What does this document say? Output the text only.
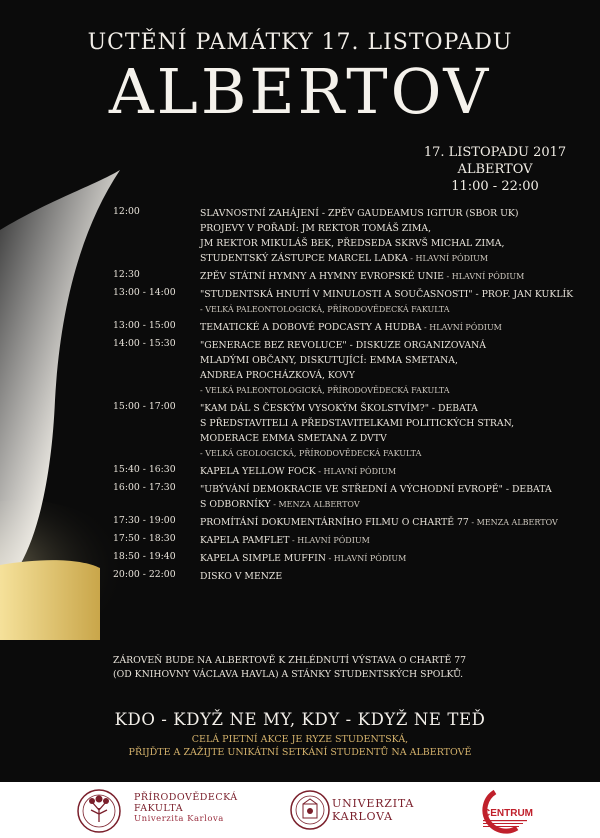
UCTĚNÍ PAMÁTKY 17. LISTOPADU
ALBERTOV
17. LISTOPADU 2017
ALBERTOV
11:00 - 22:00
12:00	SLAVNOSTNÍ ZAHÁJENÍ - ZPĚV GAUDEAMUS IGITUR (SBOR UK)
PROJEVY V POŘADÍ: JM REKTOR TOMÁŠ ZIMA,
JM REKTOR MIKULÁŠ BEK, PŘEDSEDA SKRVŠ MICHAL ZIMA,
STUDENTSKÝ ZÁSTUPCE MARCEL LADKA - HLAVNÍ PÓDIUM
12:30	ZPĚV STÁTNÍ HYMNY A HYMNY EVROPSKÉ UNIE - HLAVNÍ PÓDIUM
13:00 - 14:00	"STUDENTSKÁ HNUTÍ V MINULOSTI A SOUČASNOSTI" - PROF. JAN KUKLÍK
- VELKÁ PALEONTOLOGICKÁ, PŘÍRODOVĚDECKÁ FAKULTA
13:00 - 15:00	TEMATICKÉ A DOBOVÉ PODCASTY A HUDBA - HLAVNÍ PÓDIUM
14:00 - 15:30	"GENERACE BEZ REVOLUCE" - DISKUZE ORGANIZOVANÁ
MLADÝMI OBČANY, DISKUTUJÍCÍ: EMMA SMETANA,
ANDREA PROCHÁZKOVÁ, KOVY
- VELKÁ PALEONTOLOGICKÁ, PŘÍRODOVĚDECKÁ FAKULTA
15:00 - 17:00	"KAM DÁL S ČESKÝM VYSOKÝM ŠKOLSTVÍM?" - DEBATA
S PŘEDSTAVITELI A PŘEDSTAVITELKAMI POLITICKÝCH STRAN,
MODERACE EMMA SMETANA Z DVTV
- VELKÁ GEOLOGICKÁ, PŘÍRODOVĚDECKÁ FAKULTA
15:40 - 16:30	KAPELA YELLOW FOCK - HLAVNÍ PÓDIUM
16:00 - 17:30	"UBÝVÁNÍ DEMOKRACIE VE STŘEDNÍ A VÝCHODNÍ EVROPĚ" - DEBATA
S ODBORNÍKY - MENZA ALBERTOV
17:30 - 19:00	PROMÍTÁNÍ DOKUMENTÁRNÍHO FILMU O CHARTĚ 77 - MENZA ALBERTOV
17:50 - 18:30	KAPELA PAMFLET - HLAVNÍ PÓDIUM
18:50 - 19:40	KAPELA SIMPLE MUFFIN - HLAVNÍ PÓDIUM
20:00 - 22:00	DISKO V MENZE
ZÁROVEŇ BUDE NA ALBERTOVĚ K ZHLÉDNUTÍ VÝSTAVA O CHARTĚ 77
(OD KNIHOVNY VÁCLAVA HAVLA) A STÁNKY STUDENTSKÝCH SPOLKŮ.
KDO - KDYŽ NE MY, KDY - KDYŽ NE TEĎ
CELÁ PIETNÍ AKCE JE RYZE STUDENTSKÁ,
PŘIJĎTE A ZAŽIJTE UNIKÁTNÍ SETKÁNÍ STUDENTŮ NA ALBERTOVĚ
PŘÍRODOVĚDECKÁ
FAKULTA
Univerzita Karlova
UNIVERZITA
KARLOVA	CENTRUM
